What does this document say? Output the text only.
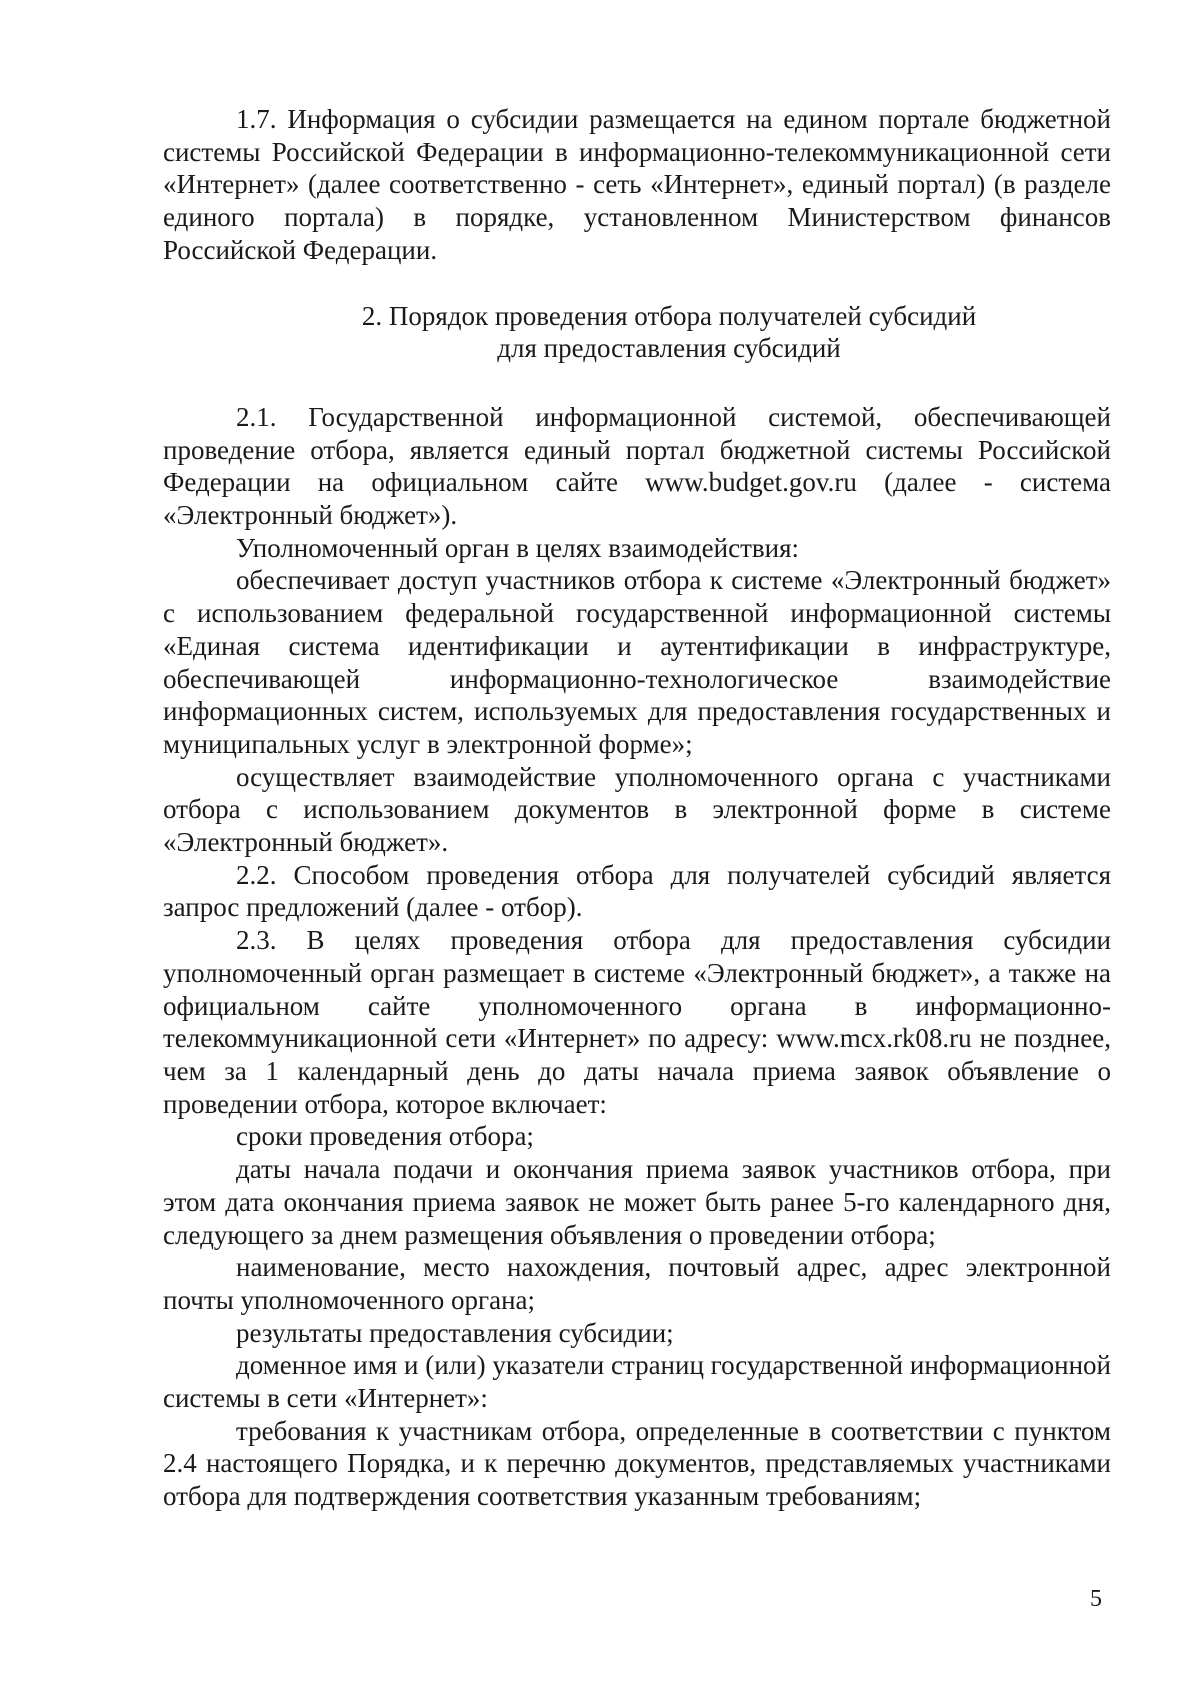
1.7. Информация о субсидии размещается на едином портале бюджетной системы Российской Федерации в информационно-телекоммуникационной сети «Интернет» (далее соответственно - сеть «Интернет», единый портал) (в разделе единого портала) в порядке, установленном Министерством финансов Российской Федерации.

2. Порядок проведения отбора получателей субсидий
для предоставления субсидий

2.1. Государственной информационной системой, обеспечивающей проведение отбора, является единый портал бюджетной системы Российской Федерации на официальном сайте www.budget.gov.ru (далее - система «Электронный бюджет»).

Уполномоченный орган в целях взаимодействия:

обеспечивает доступ участников отбора к системе «Электронный бюджет» с использованием федеральной государственной информационной системы «Единая система идентификации и аутентификации в инфраструктуре, обеспечивающей информационно-технологическое взаимодействие информационных систем, используемых для предоставления государственных и муниципальных услуг в электронной форме»;

осуществляет взаимодействие уполномоченного органа с участниками отбора с использованием документов в электронной форме в системе «Электронный бюджет».

2.2. Способом проведения отбора для получателей субсидий является запрос предложений (далее - отбор).

2.3. В целях проведения отбора для предоставления субсидии уполномоченный орган размещает в системе «Электронный бюджет», а также на официальном сайте уполномоченного органа в информационно-телекоммуникационной сети «Интернет» по адресу: www.mcx.rk08.ru не позднее, чем за 1 календарный день до даты начала приема заявок объявление о проведении отбора, которое включает:

сроки проведения отбора;

даты начала подачи и окончания приема заявок участников отбора, при этом дата окончания приема заявок не может быть ранее 5-го календарного дня, следующего за днем размещения объявления о проведении отбора;

наименование, место нахождения, почтовый адрес, адрес электронной почты уполномоченного органа;

результаты предоставления субсидии;

доменное имя и (или) указатели страниц государственной информационной системы в сети «Интернет»:

требования к участникам отбора, определенные в соответствии с пунктом 2.4 настоящего Порядка, и к перечню документов, представляемых участниками отбора для подтверждения соответствия указанным требованиям;

5
